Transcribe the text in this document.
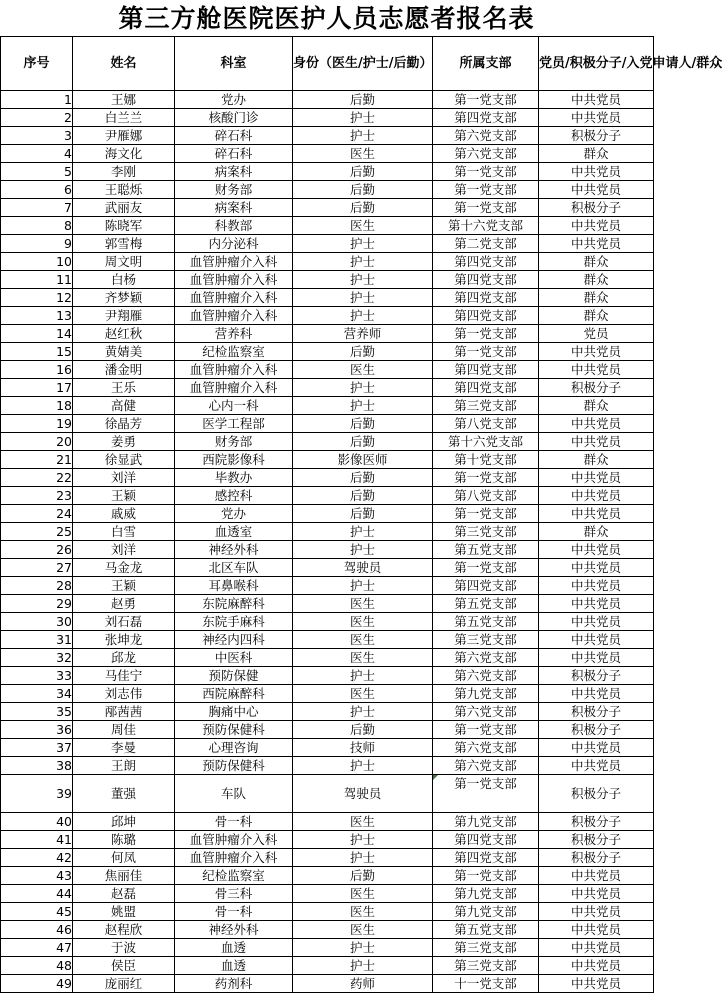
第三方舱医院医护人员志愿者报名表
序号	姓名	科室	身份（医生/护士/后勤）	所属支部	党员/积极分子/入党申请人/群众
1	王娜	党办	后勤	第一党支部	中共党员
2	白兰兰	核酸门诊	护士	第四党支部	中共党员
3	尹雁娜	碎石科	护士	第六党支部	积极分子
4	海文化	碎石科	医生	第六党支部	群众
5	李刚	病案科	后勤	第一党支部	中共党员
6	王聪烁	财务部	后勤	第一党支部	中共党员
7	武丽友	病案科	后勤	第一党支部	积极分子
8	陈晓军	科教部	医生	第十六党支部	中共党员
9	郭雪梅	内分泌科	护士	第二党支部	中共党员
10	周文明	血管肿瘤介入科	护士	第四党支部	群众
11	白杨	血管肿瘤介入科	护士	第四党支部	群众
12	齐梦颖	血管肿瘤介入科	护士	第四党支部	群众
13	尹翔雁	血管肿瘤介入科	护士	第四党支部	群众
14	赵红秋	营养科	营养师	第一党支部	党员
15	黄婧美	纪检监察室	后勤	第一党支部	中共党员
16	潘金明	血管肿瘤介入科	医生	第四党支部	中共党员
17	王乐	血管肿瘤介入科	护士	第四党支部	积极分子
18	高健	心内一科	护士	第三党支部	群众
19	徐晶芳	医学工程部	后勤	第八党支部	中共党员
20	姜勇	财务部	后勤	第十六党支部	中共党员
21	徐显武	西院影像科	影像医师	第十党支部	群众
22	刘洋	毕教办	后勤	第一党支部	中共党员
23	王颖	感控科	后勤	第八党支部	中共党员
24	戚威	党办	后勤	第一党支部	中共党员
25	白雪	血透室	护士	第三党支部	群众
26	刘洋	神经外科	护士	第五党支部	中共党员
27	马金龙	北区车队	驾驶员	第一党支部	中共党员
28	王颖	耳鼻喉科	护士	第四党支部	中共党员
29	赵勇	东院麻醉科	医生	第五党支部	中共党员
30	刘石磊	东院手麻科	医生	第五党支部	中共党员
31	张坤龙	神经内四科	医生	第三党支部	中共党员
32	邱龙	中医科	医生	第六党支部	中共党员
33	马佳宁	预防保健	护士	第六党支部	积极分子
34	刘志伟	西院麻醉科	医生	第九党支部	中共党员
35	邴茜茜	胸痛中心	护士	第六党支部	积极分子
36	周佳	预防保健科	后勤	第一党支部	积极分子
37	李曼	心理咨询	技师	第六党支部	中共党员
38	王朗	预防保健科	护士	第六党支部	中共党员
39	董强	车队	驾驶员	第一党支部	积极分子
40	邱坤	骨一科	医生	第九党支部	积极分子
41	陈璐	血管肿瘤介入科	护士	第四党支部	积极分子
42	何凤	血管肿瘤介入科	护士	第四党支部	积极分子
43	焦丽佳	纪检监察室	后勤	第一党支部	中共党员
44	赵磊	骨三科	医生	第九党支部	中共党员
45	姚盟	骨一科	医生	第九党支部	中共党员
46	赵程欣	神经外科	医生	第五党支部	中共党员
47	于波	血透	护士	第三党支部	中共党员
48	侯臣	血透	护士	第三党支部	中共党员
49	庞丽红	药剂科	药师	十一党支部	中共党员
